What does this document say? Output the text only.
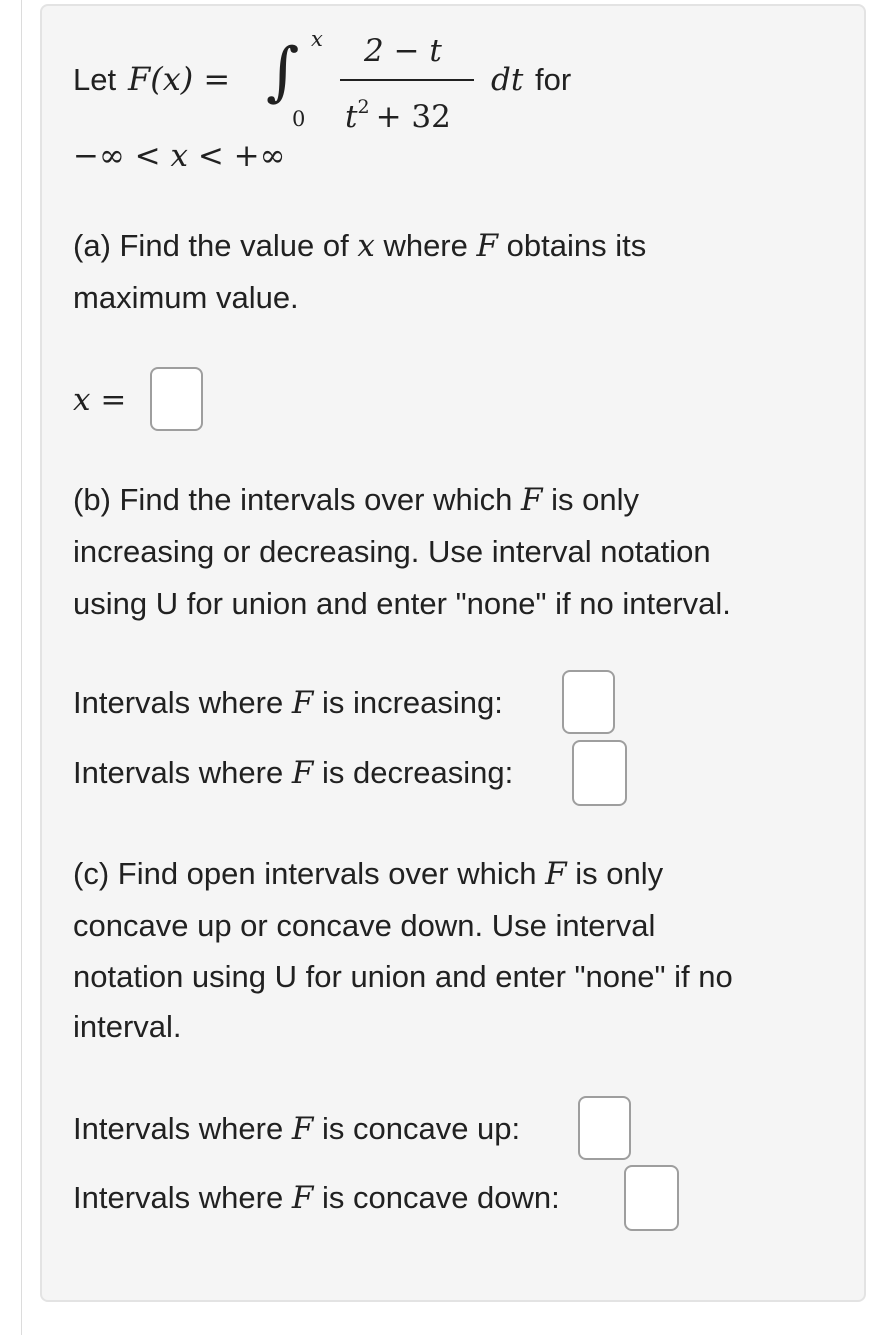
Let F(x) = ∫ x
0
2 − t
$t^2 + 32$
dt for
−∞ < x < +∞
(a) Find the value of x where F obtains its
maximum value.
x =
(b) Find the intervals over which F is only
increasing or decreasing. Use interval notation
using U for union and enter "none" if no interval.
Intervals where F is increasing:
Intervals where F is decreasing:
(c) Find open intervals over which F is only
concave up or concave down. Use interval
notation using U for union and enter "none" if no
interval.
Intervals where F is concave up:
Intervals where F is concave down:
